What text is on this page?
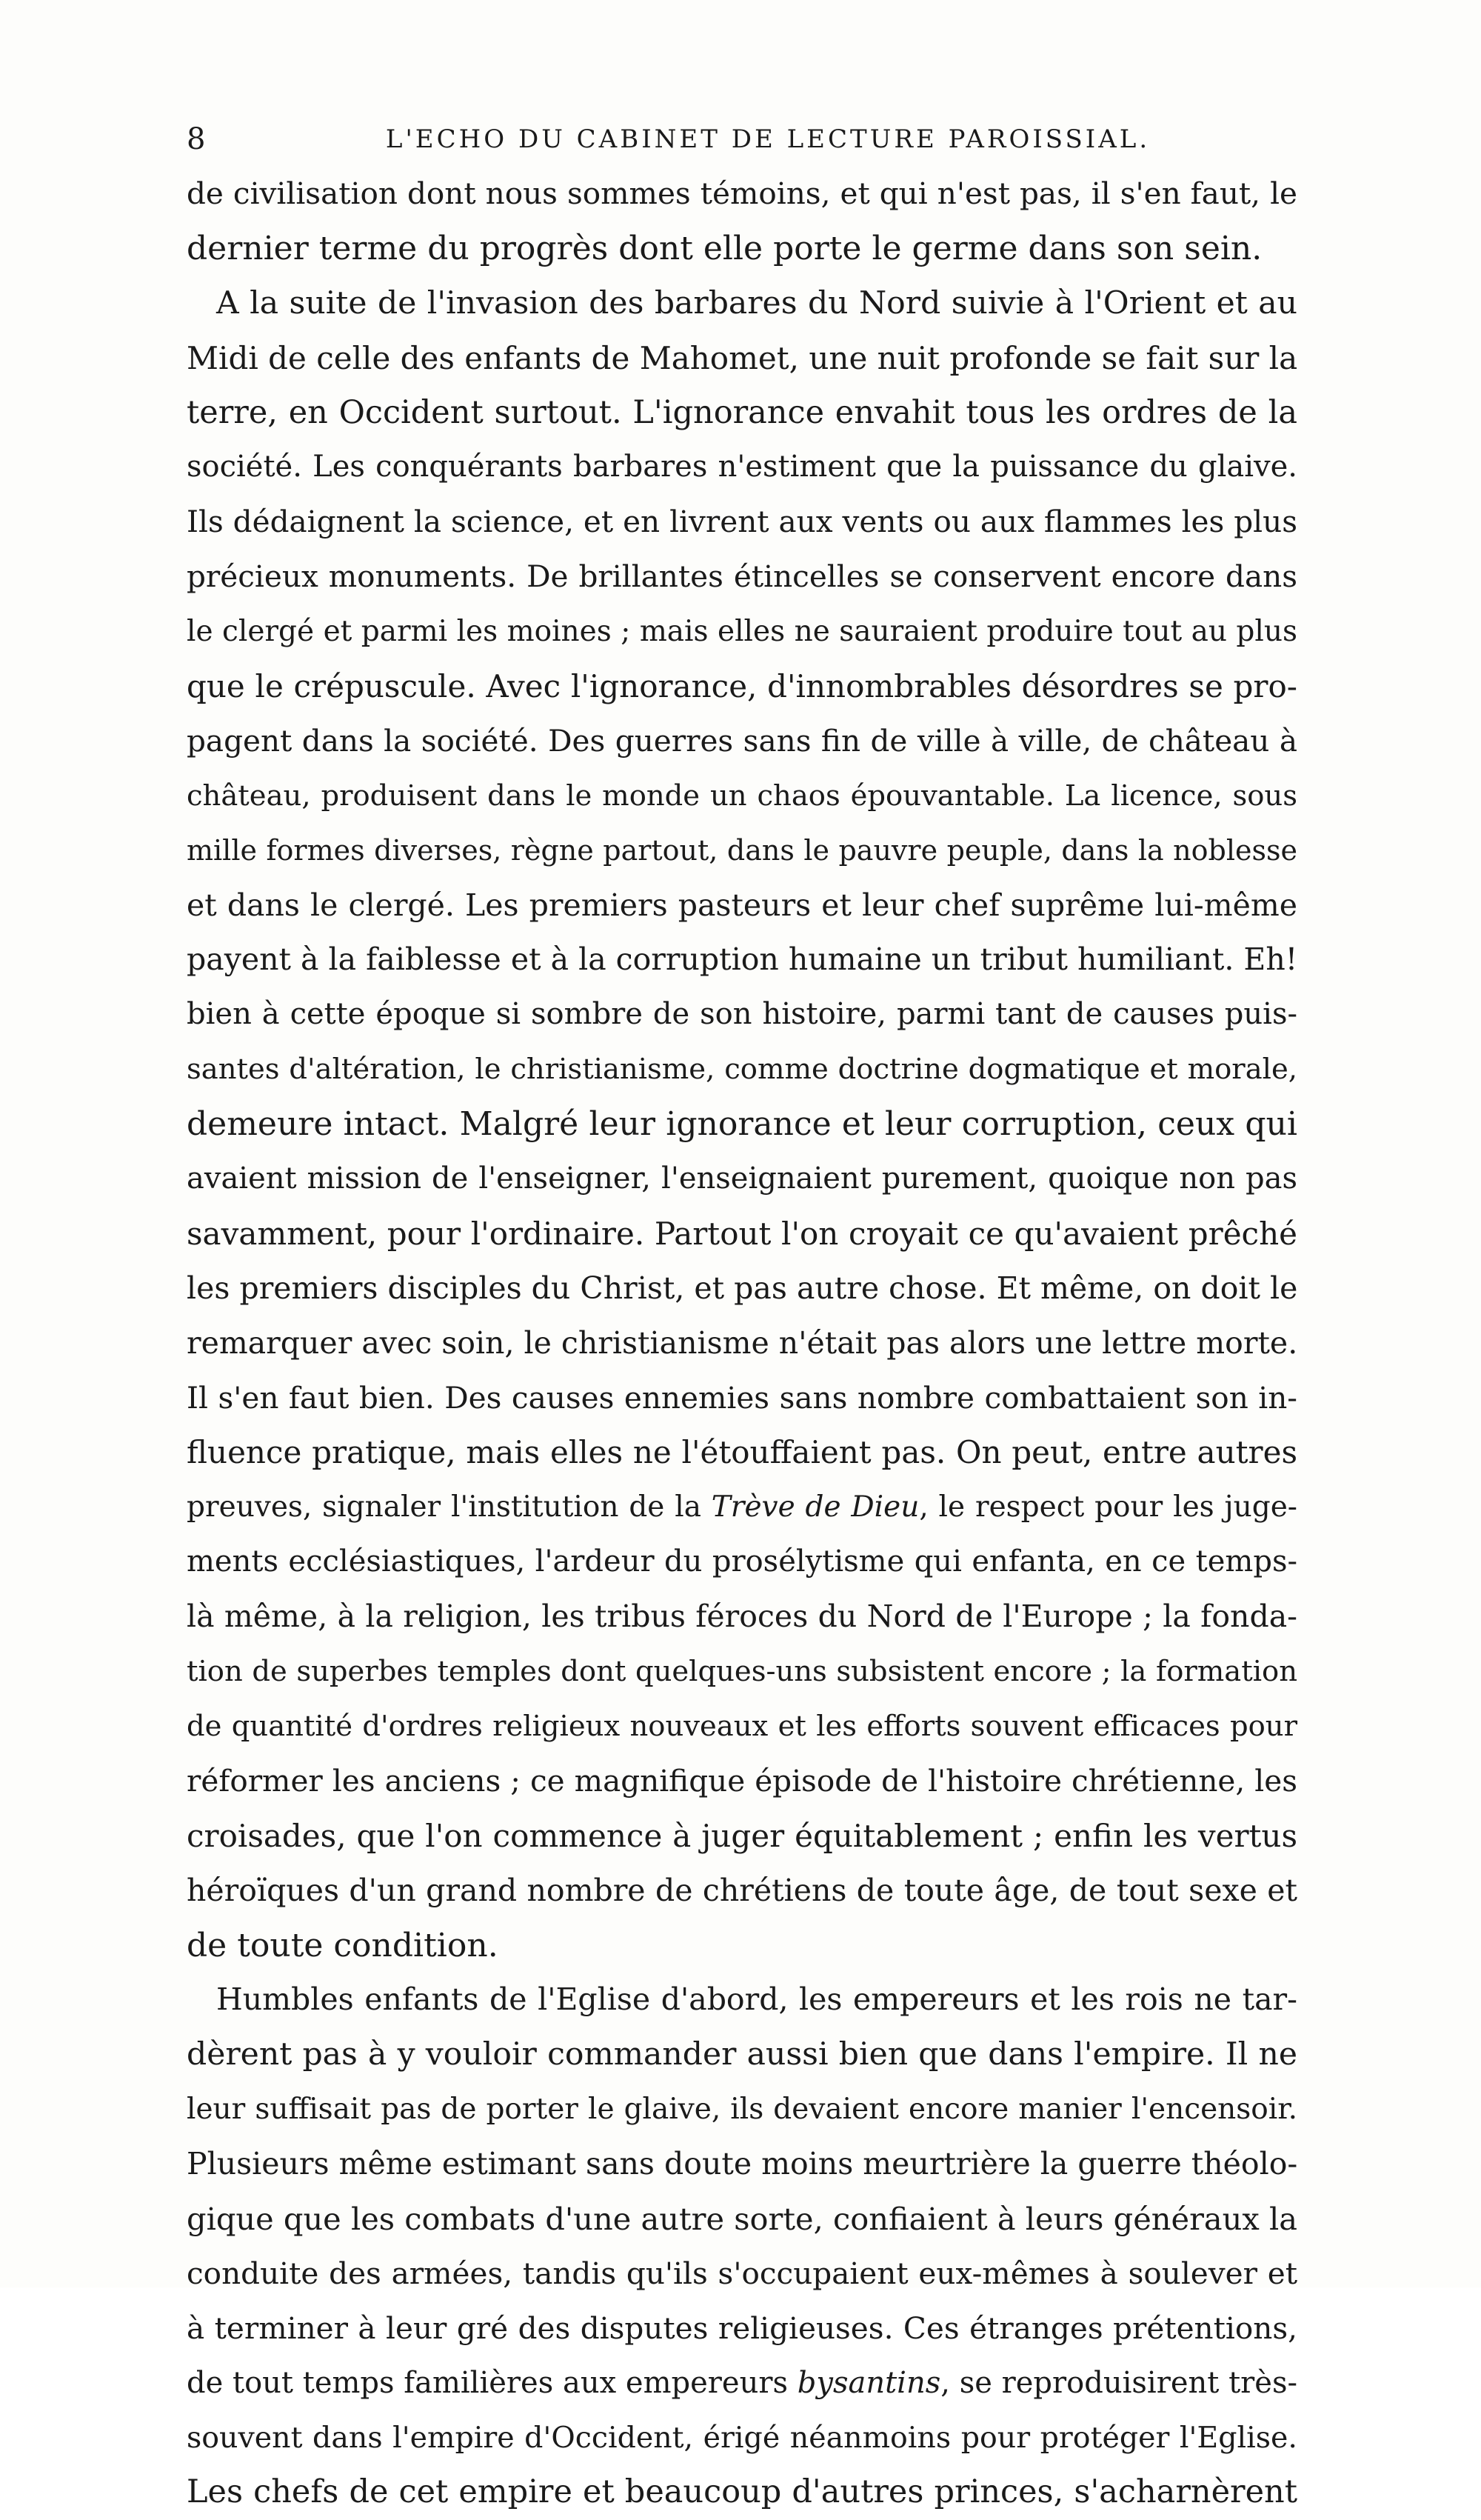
8	L'ECHO DU CABINET DE LECTURE PAROISSIAL.
de civilisation dont nous sommes témoins, et qui n'est pas, il s'en faut, le
dernier terme du progrès dont elle porte le germe dans son sein.
A la suite de l'invasion des barbares du Nord suivie à l'Orient et au
Midi de celle des enfants de Mahomet, une nuit profonde se fait sur la
terre, en Occident surtout. L'ignorance envahit tous les ordres de la
société. Les conquérants barbares n'estiment que la puissance du glaive.
Ils dédaignent la science, et en livrent aux vents ou aux flammes les plus
précieux monuments. De brillantes étincelles se conservent encore dans
le clergé et parmi les moines ; mais elles ne sauraient produire tout au plus
que le crépuscule. Avec l'ignorance, d'innombrables désordres se pro-
pagent dans la société. Des guerres sans fin de ville à ville, de château à
château, produisent dans le monde un chaos épouvantable. La licence, sous
mille formes diverses, règne partout, dans le pauvre peuple, dans la noblesse
et dans le clergé. Les premiers pasteurs et leur chef suprême lui-même
payent à la faiblesse et à la corruption humaine un tribut humiliant. Eh!
bien à cette époque si sombre de son histoire, parmi tant de causes puis-
santes d'altération, le christianisme, comme doctrine dogmatique et morale,
demeure intact. Malgré leur ignorance et leur corruption, ceux qui
avaient mission de l'enseigner, l'enseignaient purement, quoique non pas
savamment, pour l'ordinaire. Partout l'on croyait ce qu'avaient prêché
les premiers disciples du Christ, et pas autre chose. Et même, on doit le
remarquer avec soin, le christianisme n'était pas alors une lettre morte.
Il s'en faut bien. Des causes ennemies sans nombre combattaient son in-
fluence pratique, mais elles ne l'étouffaient pas. On peut, entre autres
preuves, signaler l'institution de la Trève de Dieu, le respect pour les juge-
ments ecclésiastiques, l'ardeur du prosélytisme qui enfanta, en ce temps-
là même, à la religion, les tribus féroces du Nord de l'Europe ; la fonda-
tion de superbes temples dont quelques-uns subsistent encore ; la formation
de quantité d'ordres religieux nouveaux et les efforts souvent efficaces pour
réformer les anciens ; ce magnifique épisode de l'histoire chrétienne, les
croisades, que l'on commence à juger équitablement ; enfin les vertus
héroïques d'un grand nombre de chrétiens de toute âge, de tout sexe et
de toute condition.
Humbles enfants de l'Eglise d'abord, les empereurs et les rois ne tar-
dèrent pas à y vouloir commander aussi bien que dans l'empire. Il ne
leur suffisait pas de porter le glaive, ils devaient encore manier l'encensoir.
Plusieurs même estimant sans doute moins meurtrière la guerre théolo-
gique que les combats d'une autre sorte, confiaient à leurs généraux la
conduite des armées, tandis qu'ils s'occupaient eux-mêmes à soulever et
à terminer à leur gré des disputes religieuses. Ces étranges prétentions,
de tout temps familières aux empereurs bysantins, se reproduisirent très-
souvent dans l'empire d'Occident, érigé néanmoins pour protéger l'Eglise.
Les chefs de cet empire et beaucoup d'autres princes, s'acharnèrent
